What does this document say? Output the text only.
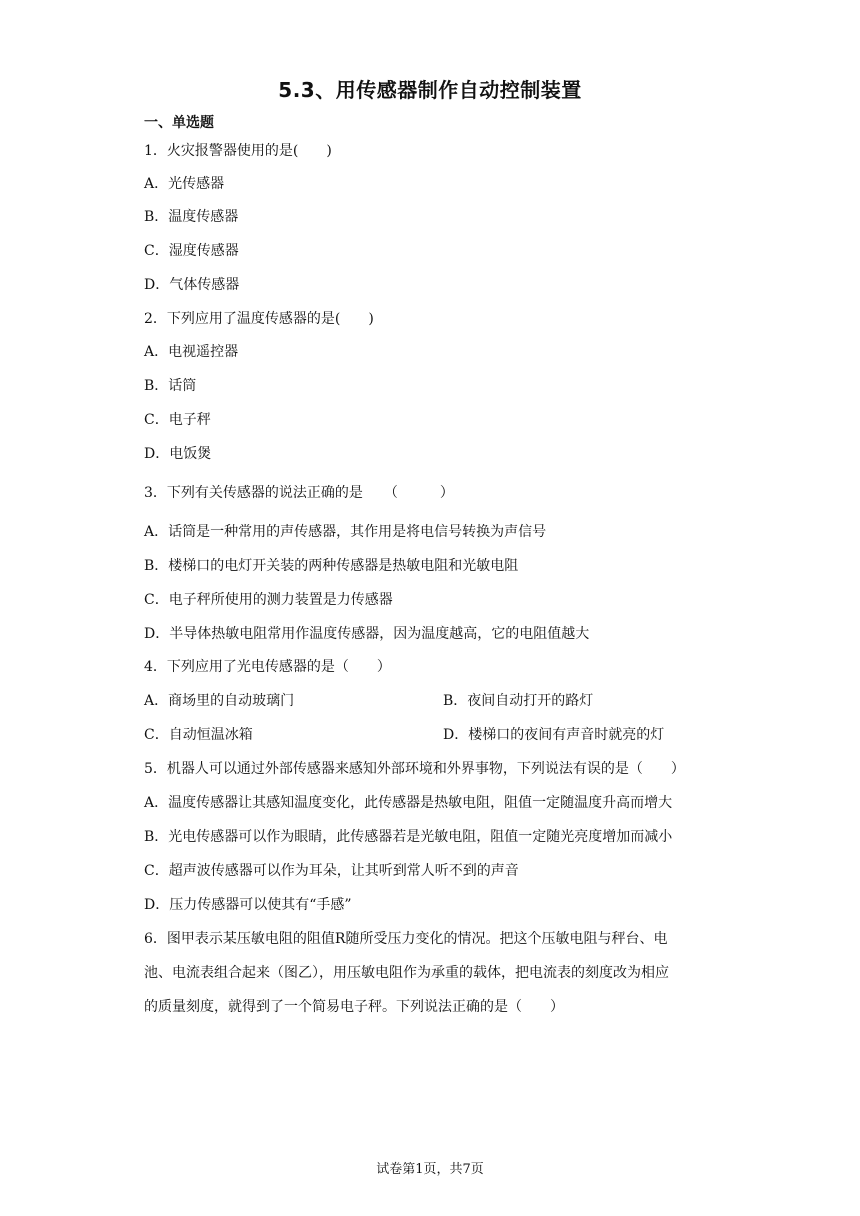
5.3、用传感器制作自动控制装置
一、单选题
1．火灾报警器使用的是(　　)
A．光传感器
B．温度传感器
C．湿度传感器
D．气体传感器
2．下列应用了温度传感器的是(　　)
A．电视遥控器
B．话筒
C．电子秤
D．电饭煲
3．下列有关传感器的说法正确的是　　（　　　）
A．话筒是一种常用的声传感器，其作用是将电信号转换为声信号
B．楼梯口的电灯开关装的两种传感器是热敏电阻和光敏电阻
C．电子秤所使用的测力装置是力传感器
D．半导体热敏电阻常用作温度传感器，因为温度越高，它的电阻值越大
4．下列应用了光电传感器的是（　　）
A．商场里的自动玻璃门	B．夜间自动打开的路灯
C．自动恒温冰箱	D．楼梯口的夜间有声音时就亮的灯
5．机器人可以通过外部传感器来感知外部环境和外界事物，下列说法有误的是（　　）
A．温度传感器让其感知温度变化，此传感器是热敏电阻，阻值一定随温度升高而增大
B．光电传感器可以作为眼睛，此传感器若是光敏电阻，阻值一定随光亮度增加而减小
C．超声波传感器可以作为耳朵，让其听到常人听不到的声音
D．压力传感器可以使其有“手感”
6．图甲表示某压敏电阻的阻值R随所受压力变化的情况。把这个压敏电阻与秤台、电
池、电流表组合起来（图乙），用压敏电阻作为承重的载体，把电流表的刻度改为相应
的质量刻度，就得到了一个简易电子秤。下列说法正确的是（　　）
试卷第1页，共7页
